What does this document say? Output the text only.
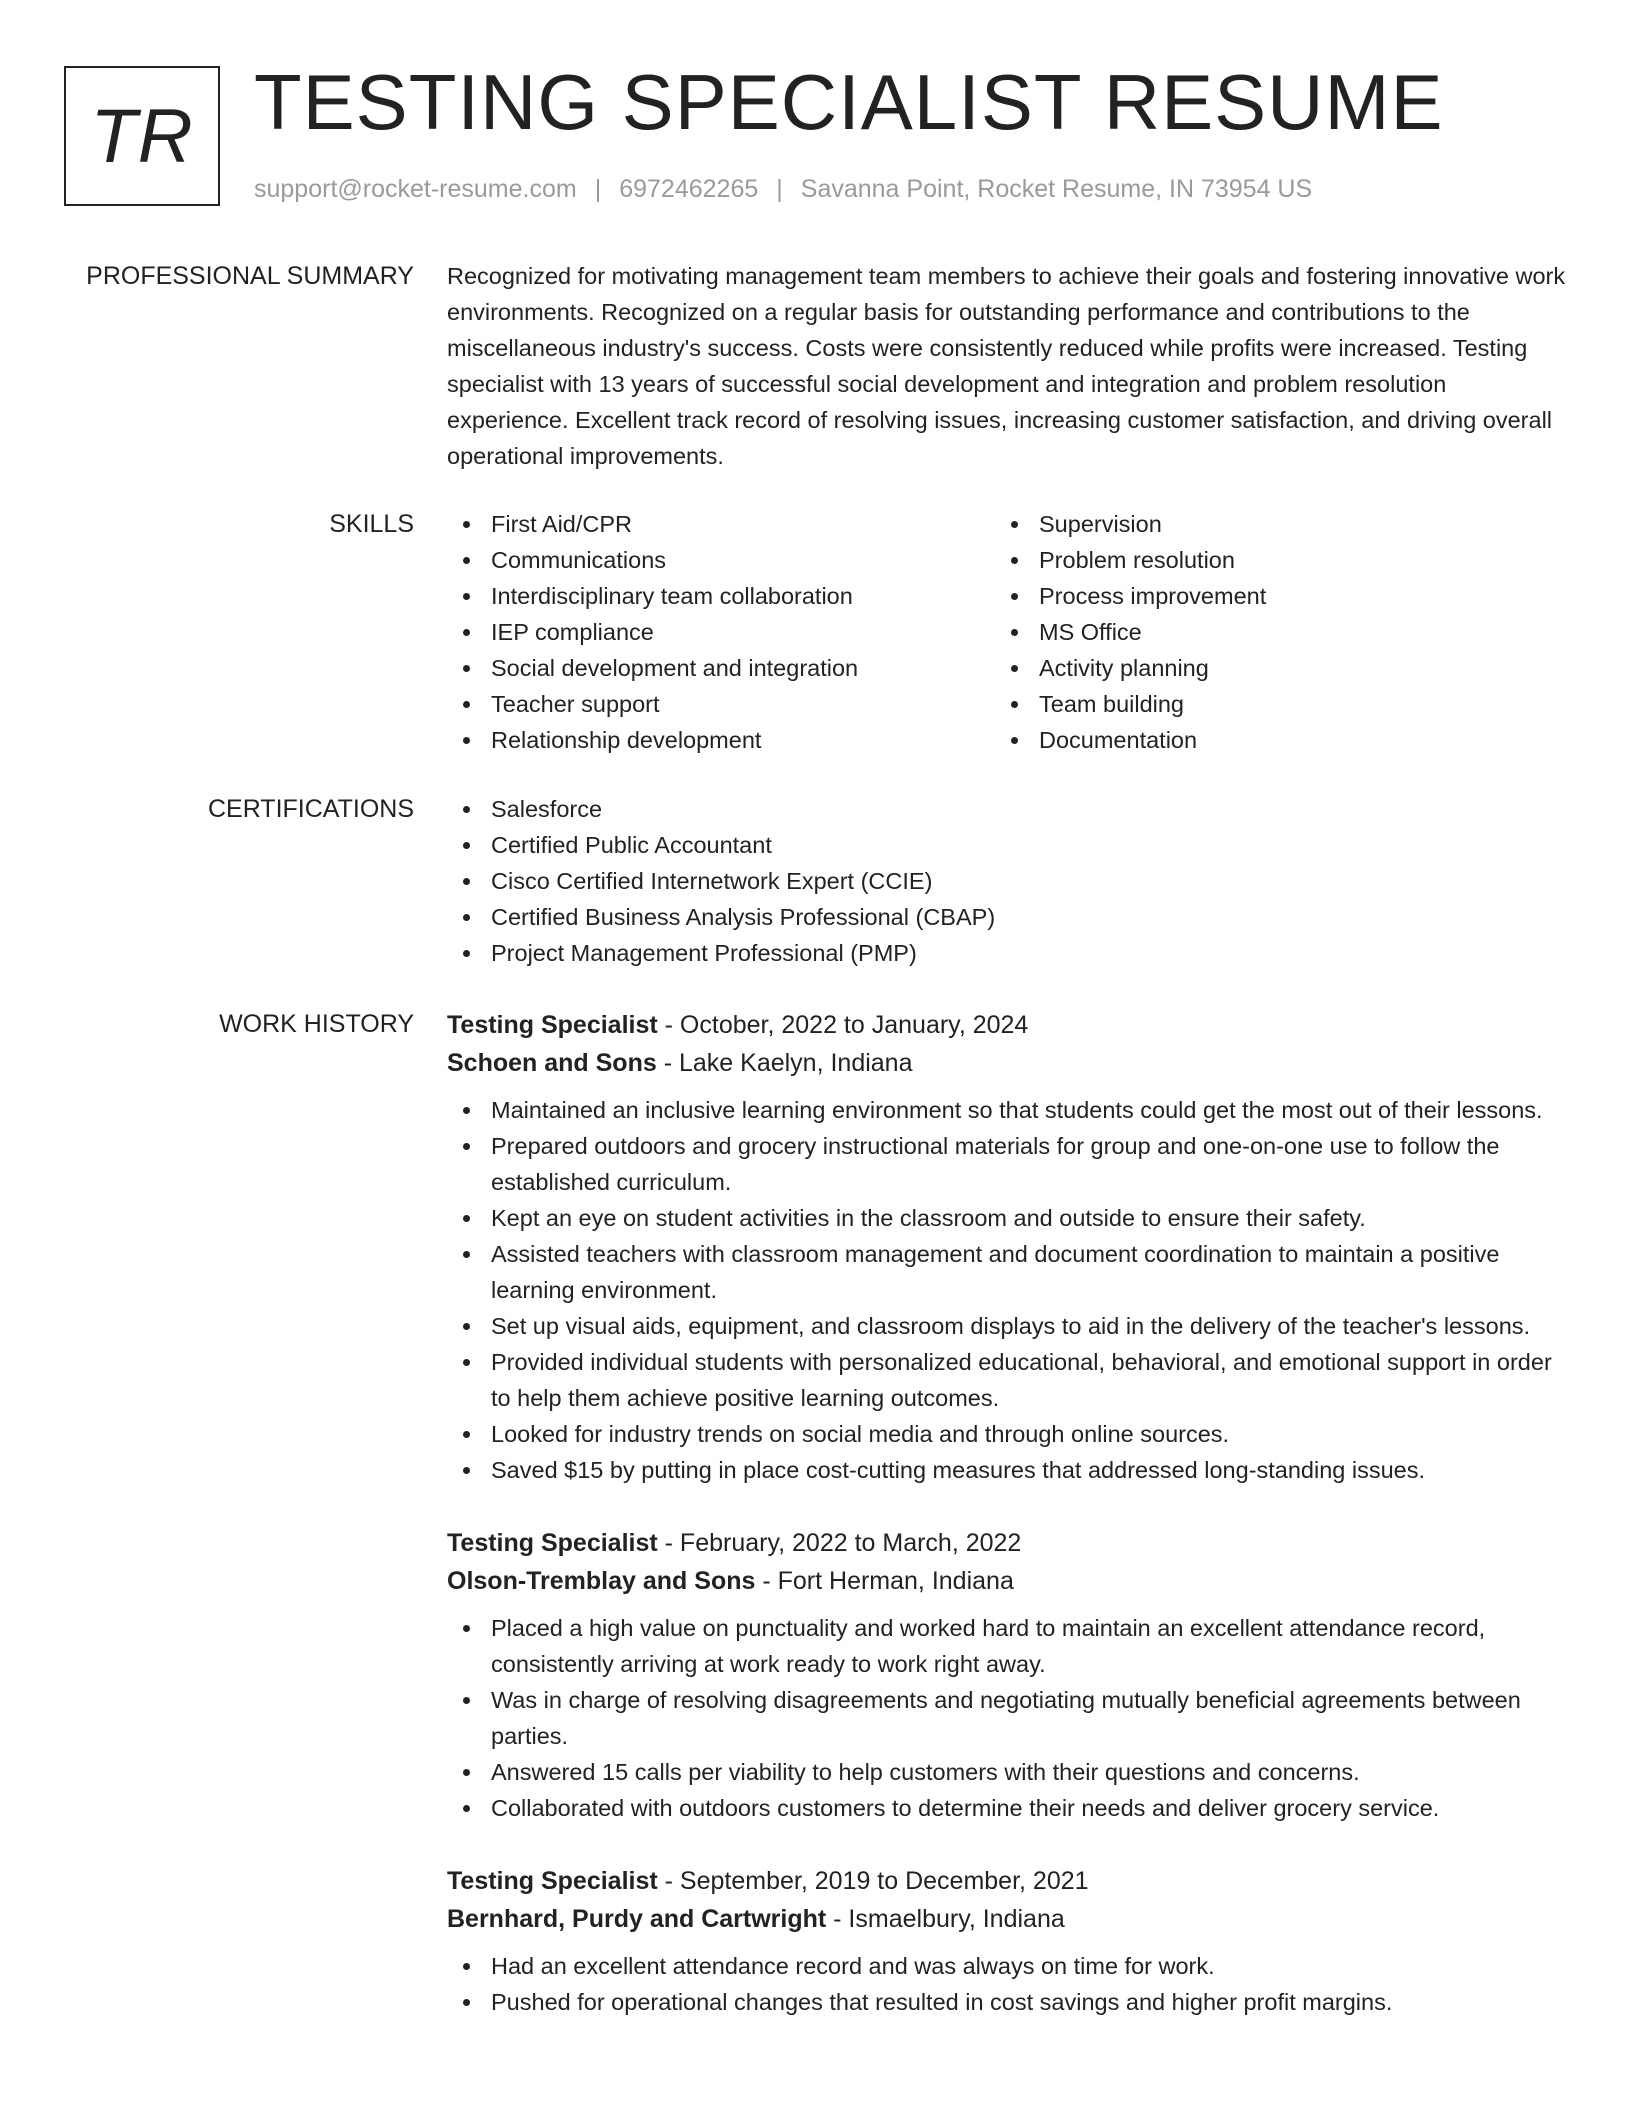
TR TESTING SPECIALIST RESUME
support@rocket-resume.com | 6972462265 | Savanna Point, Rocket Resume, IN 73954 US
PROFESSIONAL SUMMARY Recognized for motivating management team members to achieve their goals and fostering innovative work environments. Recognized on a regular basis for outstanding performance and contributions to the miscellaneous industry's success. Costs were consistently reduced while profits were increased. Testing specialist with 13 years of successful social development and integration and problem resolution experience. Excellent track record of resolving issues, increasing customer satisfaction, and driving overall operational improvements.

SKILLS	First Aid/CPR
Communications
Interdisciplinary team collaboration
IEP compliance
Social development and integration
Teacher support
Relationship development
Supervision
Problem resolution
Process improvement
MS Office
Activity planning
Team building
Documentation
CERTIFICATIONS	Salesforce
Certified Public Accountant
Cisco Certified Internetwork Expert (CCIE)
Certified Business Analysis Professional (CBAP)
Project Management Professional (PMP)
WORK HISTORY Testing Specialist - October, 2022 to January, 2024
Schoen and Sons - Lake Kaelyn, Indiana
Maintained an inclusive learning environment so that students could get the most out of their lessons.
Prepared outdoors and grocery instructional materials for group and one-on-one use to follow the established curriculum.
Kept an eye on student activities in the classroom and outside to ensure their safety.
Assisted teachers with classroom management and document coordination to maintain a positive learning environment.
Set up visual aids, equipment, and classroom displays to aid in the delivery of the teacher's lessons.
Provided individual students with personalized educational, behavioral, and emotional support in order to help them achieve positive learning outcomes.
Looked for industry trends on social media and through online sources.
Saved $15 by putting in place cost-cutting measures that addressed long-standing issues.
Testing Specialist - February, 2022 to March, 2022
Olson-Tremblay and Sons - Fort Herman, Indiana
Placed a high value on punctuality and worked hard to maintain an excellent attendance record, consistently arriving at work ready to work right away.
Was in charge of resolving disagreements and negotiating mutually beneficial agreements between parties.
Answered 15 calls per viability to help customers with their questions and concerns.
Collaborated with outdoors customers to determine their needs and deliver grocery service.
Testing Specialist - September, 2019 to December, 2021
Bernhard, Purdy and Cartwright - Ismaelbury, Indiana
Had an excellent attendance record and was always on time for work.
Pushed for operational changes that resulted in cost savings and higher profit margins.
